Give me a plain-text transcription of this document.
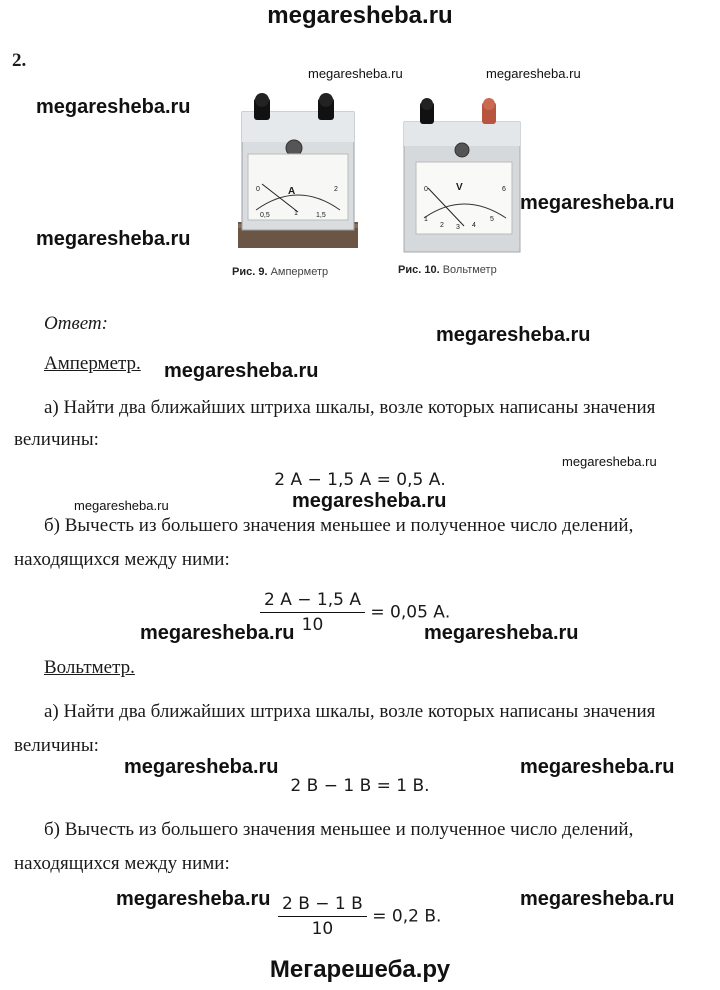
megaresheba.ru
2.
megaresheba.ru	megaresheba.ru
A
0
0,5	1	1,5
2
Рис. 9. Амперметр
V
0
1
2 3 4
5
6
Рис. 10. Вольтметр
megaresheba.ru
megaresheba.ru
megaresheba.ru
Ответ:
megaresheba.ru
Амперметр. megaresheba.ru
а) Найти два ближайших штриха шкалы, возле которых написаны значения
величины:
megaresheba.ru
2 А − 1,5 А = 0,5 А.
megaresheba.ru	megaresheba.ru
б) Вычесть из большего значения меньшее и полученное число делений,
находящихся между ними:
$\frac{2 А - 1,5 А}{10} = 0,05$ А.
megaresheba.ru	megaresheba.ru
Вольтметр.
а) Найти два ближайших штриха шкалы, возле которых написаны значения
величины:
megaresheba.ru	megaresheba.ru
2 В − 1 В = 1 В.
б) Вычесть из большего значения меньшее и полученное число делений,
находящихся между ними:
megaresheba.ru	megaresheba.ru
$\frac{2 В - 1 В}{10} = 0,2$ В.
Мегарешеба.ру
